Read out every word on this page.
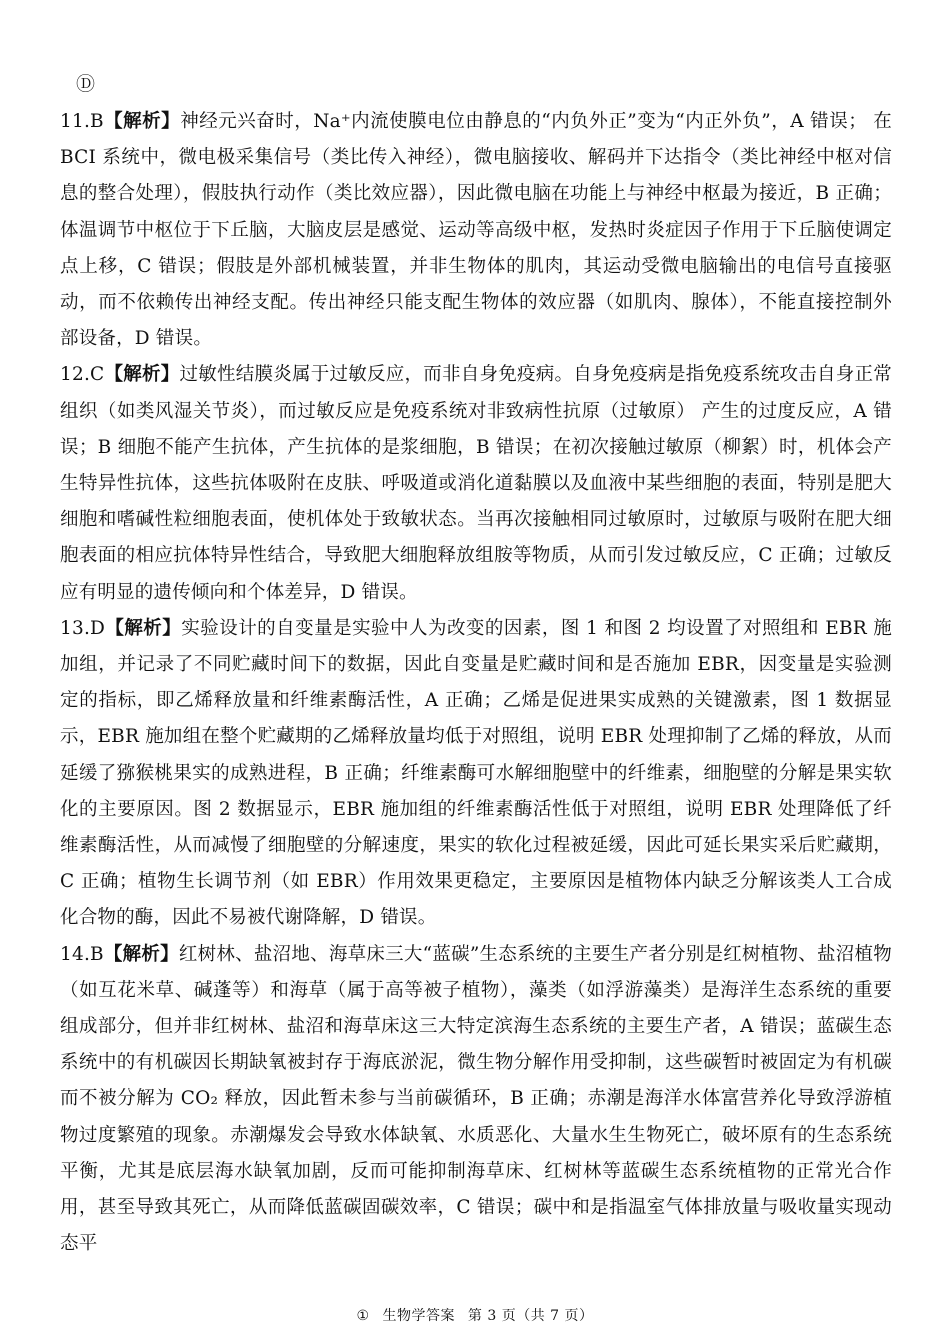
Ⓓ

11.B【解析】神经元兴奋时，Na⁺内流使膜电位由静息的“内负外正”变为“内正外负”，A 错误； 在 BCI 系统中，微电极采集信号（类比传入神经），微电脑接收、解码并下达指令（类比神经中枢对信息的整合处理），假肢执行动作（类比效应器），因此微电脑在功能上与神经中枢最为接近，B 正确；体温调节中枢位于下丘脑，大脑皮层是感觉、运动等高级中枢，发热时炎症因子作用于下丘脑使调定点上移，C 错误；假肢是外部机械装置，并非生物体的肌肉，其运动受微电脑输出的电信号直接驱动，而不依赖传出神经支配。传出神经只能支配生物体的效应器（如肌肉、腺体），不能直接控制外部设备，D 错误。

12.C【解析】过敏性结膜炎属于过敏反应，而非自身免疫病。自身免疫病是指免疫系统攻击自身正常组织（如类风湿关节炎），而过敏反应是免疫系统对非致病性抗原（过敏原） 产生的过度反应，A 错误；B 细胞不能产生抗体，产生抗体的是浆细胞，B 错误；在初次接触过敏原（柳絮）时，机体会产生特异性抗体，这些抗体吸附在皮肤、呼吸道或消化道黏膜以及血液中某些细胞的表面，特别是肥大细胞和嗜碱性粒细胞表面，使机体处于致敏状态。当再次接触相同过敏原时，过敏原与吸附在肥大细胞表面的相应抗体特异性结合，导致肥大细胞释放组胺等物质，从而引发过敏反应，C 正确；过敏反应有明显的遗传倾向和个体差异，D 错误。

13.D【解析】实验设计的自变量是实验中人为改变的因素，图 1 和图 2 均设置了对照组和 EBR 施加组，并记录了不同贮藏时间下的数据，因此自变量是贮藏时间和是否施加 EBR，因变量是实验测定的指标，即乙烯释放量和纤维素酶活性，A 正确；乙烯是促进果实成熟的关键激素，图 1 数据显示，EBR 施加组在整个贮藏期的乙烯释放量均低于对照组，说明 EBR 处理抑制了乙烯的释放，从而延缓了猕猴桃果实的成熟进程，B 正确；纤维素酶可水解细胞壁中的纤维素，细胞壁的分解是果实软化的主要原因。图 2 数据显示，EBR 施加组的纤维素酶活性低于对照组，说明 EBR 处理降低了纤维素酶活性，从而减慢了细胞壁的分解速度，果实的软化过程被延缓，因此可延长果实采后贮藏期，C 正确；植物生长调节剂（如 EBR）作用效果更稳定，主要原因是植物体内缺乏分解该类人工合成化合物的酶，因此不易被代谢降解，D 错误。

14.B【解析】红树林、盐沼地、海草床三大“蓝碳”生态系统的主要生产者分别是红树植物、盐沼植物（如互花米草、碱蓬等）和海草（属于高等被子植物），藻类（如浮游藻类）是海洋生态系统的重要组成部分，但并非红树林、盐沼和海草床这三大特定滨海生态系统的主要生产者，A 错误；蓝碳生态系统中的有机碳因长期缺氧被封存于海底淤泥，微生物分解作用受抑制，这些碳暂时被固定为有机碳而不被分解为 CO₂ 释放，因此暂未参与当前碳循环，B 正确；赤潮是海洋水体富营养化导致浮游植物过度繁殖的现象。赤潮爆发会导致水体缺氧、水质恶化、大量水生生物死亡，破坏原有的生态系统平衡，尤其是底层海水缺氧加剧，反而可能抑制海草床、红树林等蓝碳生态系统植物的正常光合作用，甚至导致其死亡，从而降低蓝碳固碳效率，C 错误；碳中和是指温室气体排放量与吸收量实现动态平

① 生物学答案 第 3 页（共 7 页）
